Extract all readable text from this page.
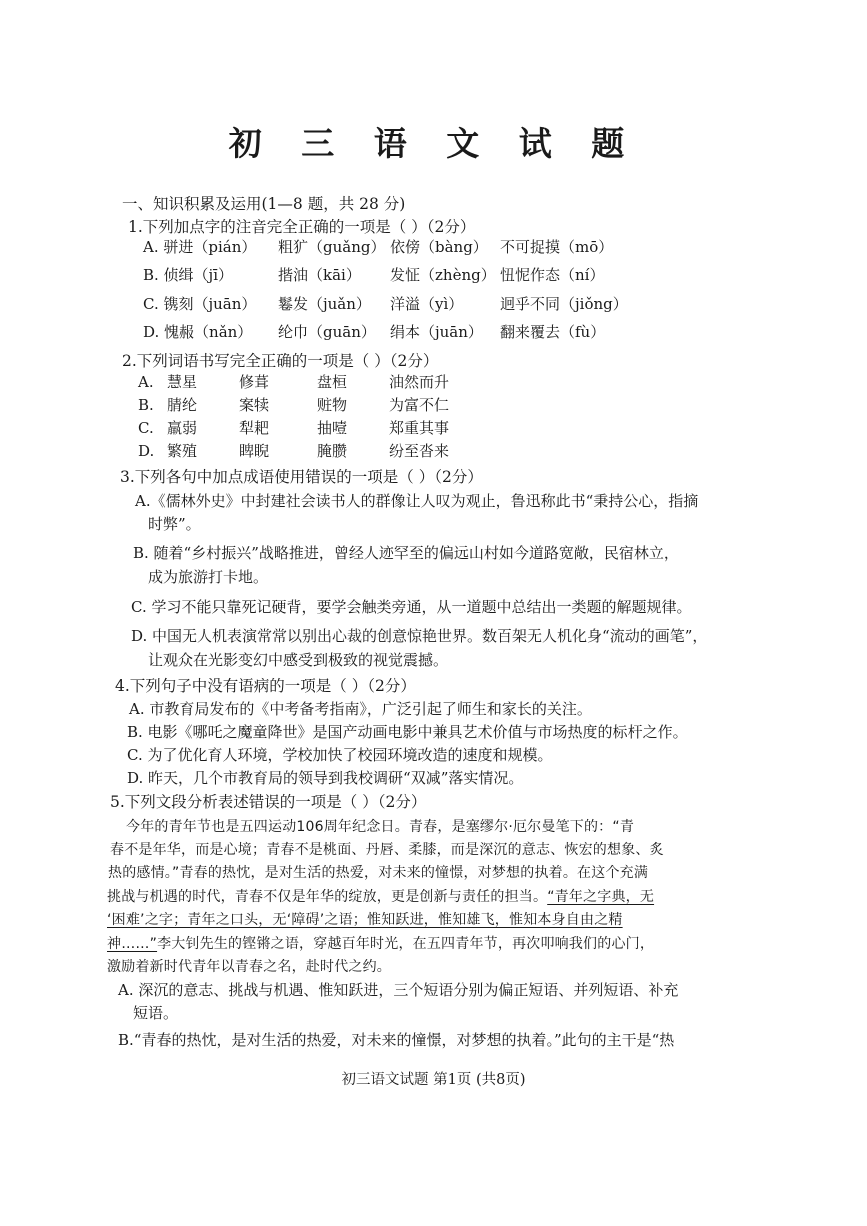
初 三 语 文 试 题
一、知识积累及运用(1—8 题，共 28 分)
1.下列加点字的注音完全正确的一项是（ ）（2分）
A. 骈进（pián） 粗犷（guǎng） 依傍（bàng） 不可捉摸（mō）
B. 侦缉（jī）	揩油（kāi） 发怔（zhèng） 忸怩作态（ní）
C. 镌刻（juān） 鬈发（juǎn） 洋溢（yì） 迥乎不同（jiǒng）
D. 愧赧（nǎn） 纶巾（guān） 绢本（juān） 翻来覆去（fù）
2.下列词语书写完全正确的一项是（ ）（2分）
A. 慧星	修葺	盘桓	油然而升
B. 腈纶	案犊	赃物	为富不仁
C. 羸弱	犁耙	抽噎	郑重其事
D. 繁殖	睥睨	腌臜	纷至沓来
3.下列各句中加点成语使用错误的一项是（ ）（2分）
A.《儒林外史》中封建社会读书人的群像让人叹为观止，鲁迅称此书“秉持公心，指摘
时弊”。
B. 随着“乡村振兴”战略推进，曾经人迹罕至的偏远山村如今道路宽敞，民宿林立，
成为旅游打卡地。
C. 学习不能只靠死记硬背，要学会触类旁通，从一道题中总结出一类题的解题规律。
D. 中国无人机表演常常以别出心裁的创意惊艳世界。数百架无人机化身“流动的画笔”，
让观众在光影变幻中感受到极致的视觉震撼。
4.下列句子中没有语病的一项是（ ）（2分）
A. 市教育局发布的《中考备考指南》，广泛引起了师生和家长的关注。
B. 电影《哪吒之魔童降世》是国产动画电影中兼具艺术价值与市场热度的标杆之作。
C. 为了优化育人环境，学校加快了校园环境改造的速度和规模。
D. 昨天，几个市教育局的领导到我校调研“双减”落实情况。
5.下列文段分析表述错误的一项是（ ）（2分）
今年的青年节也是五四运动106周年纪念日。青春，是塞缪尔·厄尔曼笔下的：“青
春不是年华，而是心境；青春不是桃面、丹唇、柔膝，而是深沉的意志、恢宏的想象、炙
热的感情。”青春的热忱，是对生活的热爱，对未来的憧憬，对梦想的执着。在这个充满
挑战与机遇的时代，青春不仅是年华的绽放，更是创新与责任的担当。“青年之字典，无
‘困难’之字；青年之口头，无‘障碍’之语；惟知跃进，惟知雄飞，惟知本身自由之精
神……”李大钊先生的铿锵之语，穿越百年时光，在五四青年节，再次叩响我们的心门，
激励着新时代青年以青春之名，赴时代之约。
A. 深沉的意志、挑战与机遇、惟知跃进，三个短语分别为偏正短语、并列短语、补充
短语。
B.“青春的热忱，是对生活的热爱，对未来的憧憬，对梦想的执着。”此句的主干是“热
初三语文试题 第1页 (共8页)
